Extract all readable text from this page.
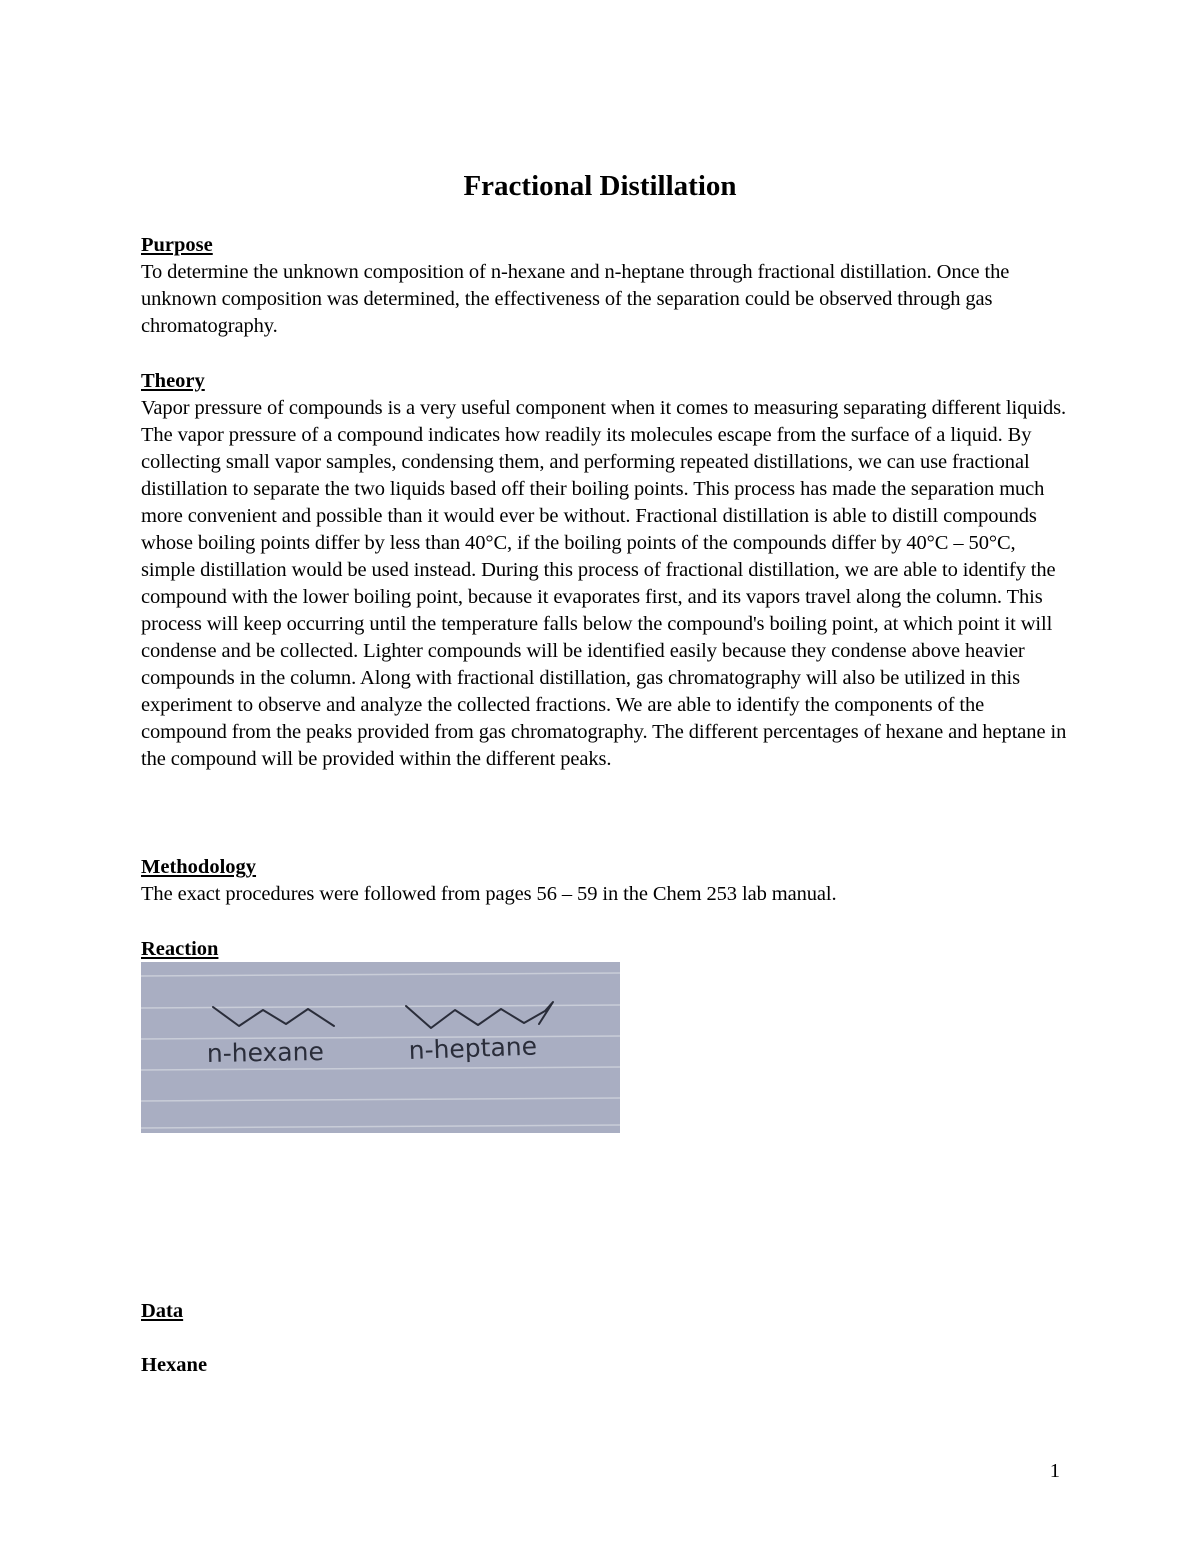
Fractional Distillation
Purpose
To determine the unknown composition of n-hexane and n-heptane through fractional distillation. Once the unknown composition was determined, the effectiveness of the separation could be observed through gas chromatography.
Theory
Vapor pressure of compounds is a very useful component when it comes to measuring separating different liquids. The vapor pressure of a compound indicates how readily its molecules escape from the surface of a liquid. By collecting small vapor samples, condensing them, and performing repeated distillations, we can use fractional distillation to separate the two liquids based off their boiling points. This process has made the separation much more convenient and possible than it would ever be without. Fractional distillation is able to distill compounds whose boiling points differ by less than 40°C, if the boiling points of the compounds differ by 40°C – 50°C, simple distillation would be used instead. During this process of fractional distillation, we are able to identify the compound with the lower boiling point, because it evaporates first, and its vapors travel along the column. This process will keep occurring until the temperature falls below the compound's boiling point, at which point it will condense and be collected. Lighter compounds will be identified easily because they condense above heavier compounds in the column. Along with fractional distillation, gas chromatography will also be utilized in this experiment to observe and analyze the collected fractions. We are able to identify the components of the compound from the peaks provided from gas chromatography. The different percentages of hexane and heptane in the compound will be provided within the different peaks.
Methodology
The exact procedures were followed from pages 56 – 59 in the Chem 253 lab manual.
Reaction
n-hexane	n-heptane
Data
Hexane
1
